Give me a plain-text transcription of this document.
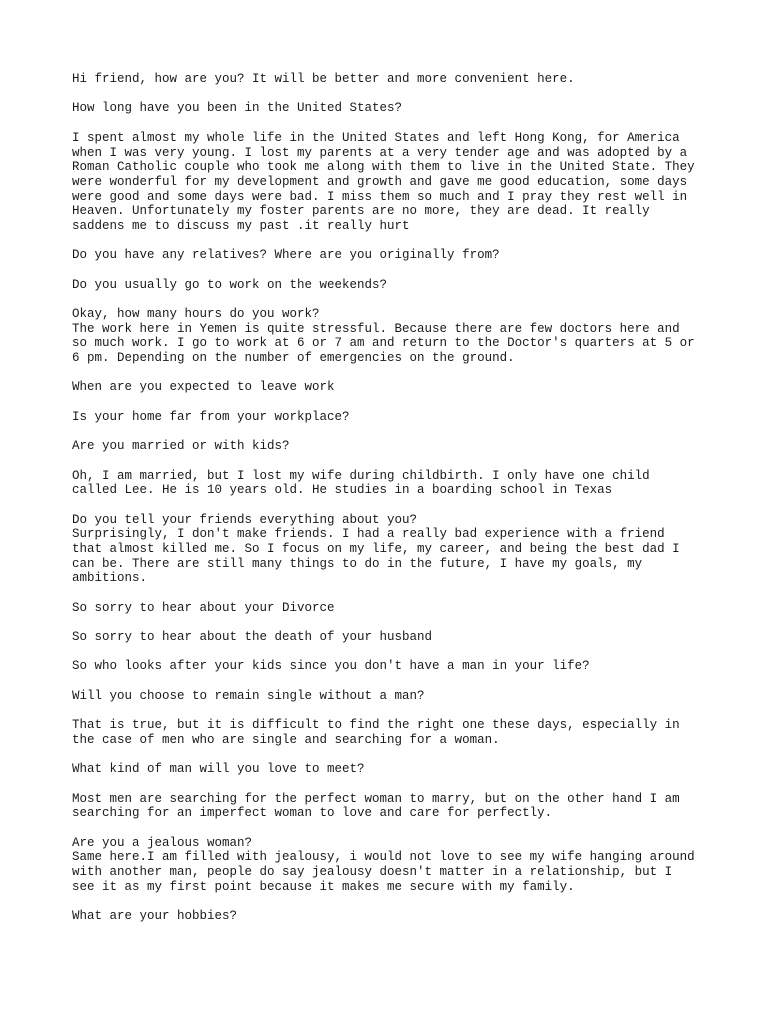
Hi friend, how are you? It will be better and more convenient here.

How long have you been in the United States?

I spent almost my whole life in the United States and left Hong Kong, for America

when I was very young. I lost my parents at a very tender age and was adopted by a

Roman Catholic couple who took me along with them to live in the United State. They

were wonderful for my development and growth and gave me good education, some days

were good and some days were bad. I miss them so much and I pray they rest well in

Heaven. Unfortunately my foster parents are no more, they are dead. It really

saddens me to discuss my past .it really hurt

Do you have any relatives? Where are you originally from?

Do you usually go to work on the weekends?

Okay, how many hours do you work?

The work here in Yemen is quite stressful. Because there are few doctors here and

so much work. I go to work at 6 or 7 am and return to the Doctor's quarters at 5 or

6 pm. Depending on the number of emergencies on the ground.

When are you expected to leave work

Is your home far from your workplace?

Are you married or with kids?

Oh, I am married, but I lost my wife during childbirth. I only have one child

called Lee. He is 10 years old. He studies in a boarding school in Texas

Do you tell your friends everything about you?

Surprisingly, I don't make friends. I had a really bad experience with a friend

that almost killed me. So I focus on my life, my career, and being the best dad I

can be. There are still many things to do in the future, I have my goals, my

ambitions.

So sorry to hear about your Divorce

So sorry to hear about the death of your husband

So who looks after your kids since you don't have a man in your life?

Will you choose to remain single without a man?

That is true, but it is difficult to find the right one these days, especially in

the case of men who are single and searching for a woman.

What kind of man will you love to meet?

Most men are searching for the perfect woman to marry, but on the other hand I am

searching for an imperfect woman to love and care for perfectly.

Are you a jealous woman?

Same here.I am filled with jealousy, i would not love to see my wife hanging around

with another man, people do say jealousy doesn't matter in a relationship, but I

see it as my first point because it makes me secure with my family.

What are your hobbies?
